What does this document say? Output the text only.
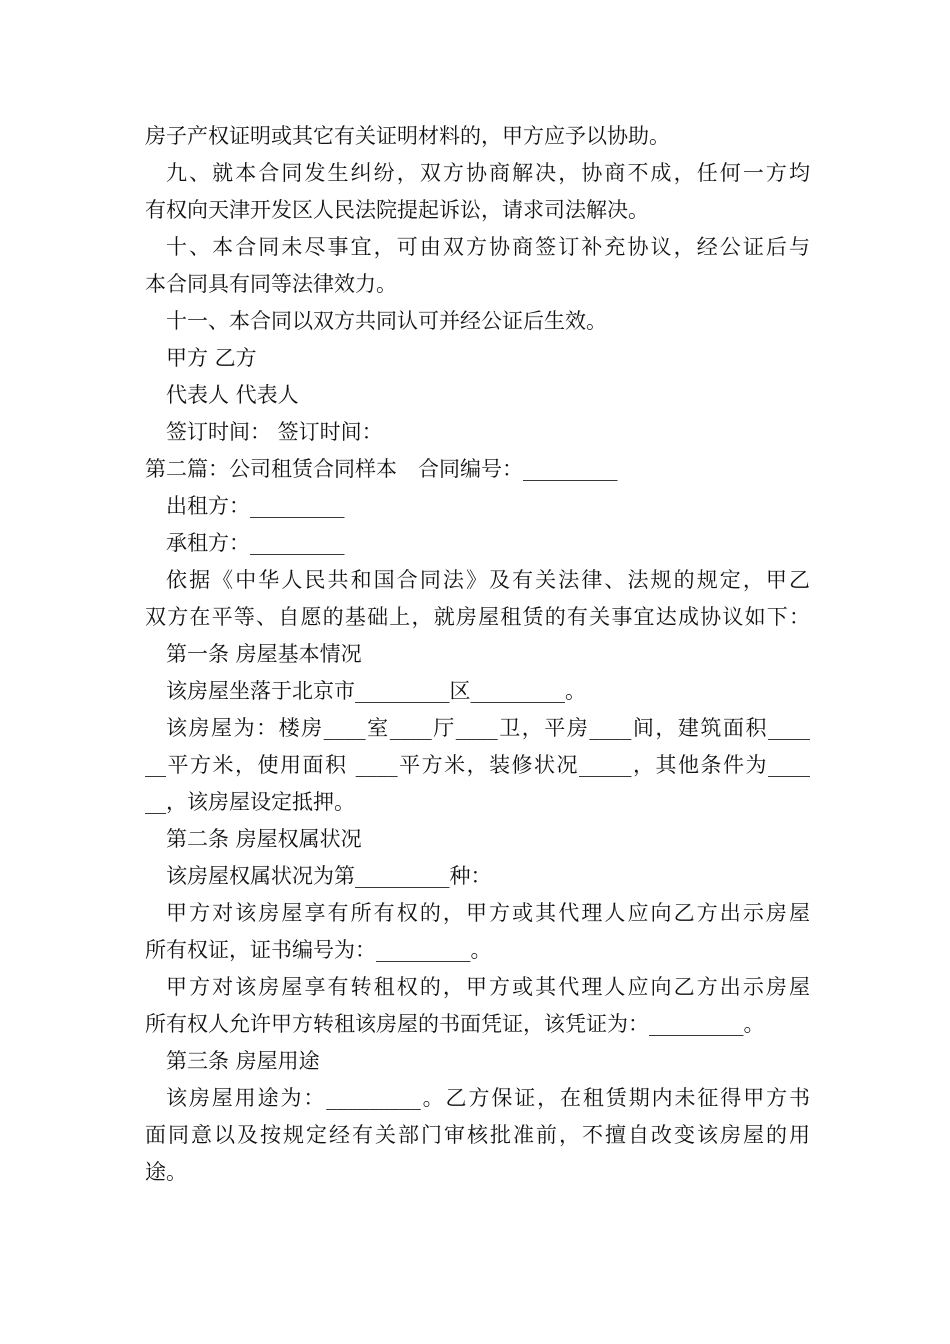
房子产权证明或其它有关证明材料的，甲方应予以协助。
九、就本合同发生纠纷，双方协商解决，协商不成，任何一方均
有权向天津开发区人民法院提起诉讼，请求司法解决。
十、本合同未尽事宜，可由双方协商签订补充协议，经公证后与
本合同具有同等法律效力。
十一、本合同以双方共同认可并经公证后生效。
甲方 乙方
代表人 代表人
签订时间： 签订时间：
第二篇：公司租赁合同样本　合同编号：_________
出租方：_________
承租方：_________
依据《中华人民共和国合同法》及有关法律、法规的规定，甲乙
双方在平等、自愿的基础上，就房屋租赁的有关事宜达成协议如下：
第一条 房屋基本情况
该房屋坐落于北京市_________区_________。
该房屋为：楼房____室____厅____卫，平房____间，建筑面积____
__平方米，使用面积 ____平方米，装修状况_____，其他条件为____
__，该房屋设定抵押。
第二条 房屋权属状况
该房屋权属状况为第_________种：
甲方对该房屋享有所有权的，甲方或其代理人应向乙方出示房屋
所有权证，证书编号为：_________。
甲方对该房屋享有转租权的，甲方或其代理人应向乙方出示房屋
所有权人允许甲方转租该房屋的书面凭证，该凭证为：_________。
第三条 房屋用途
该房屋用途为：_________。乙方保证，在租赁期内未征得甲方书
面同意以及按规定经有关部门审核批准前，不擅自改变该房屋的用
途。
